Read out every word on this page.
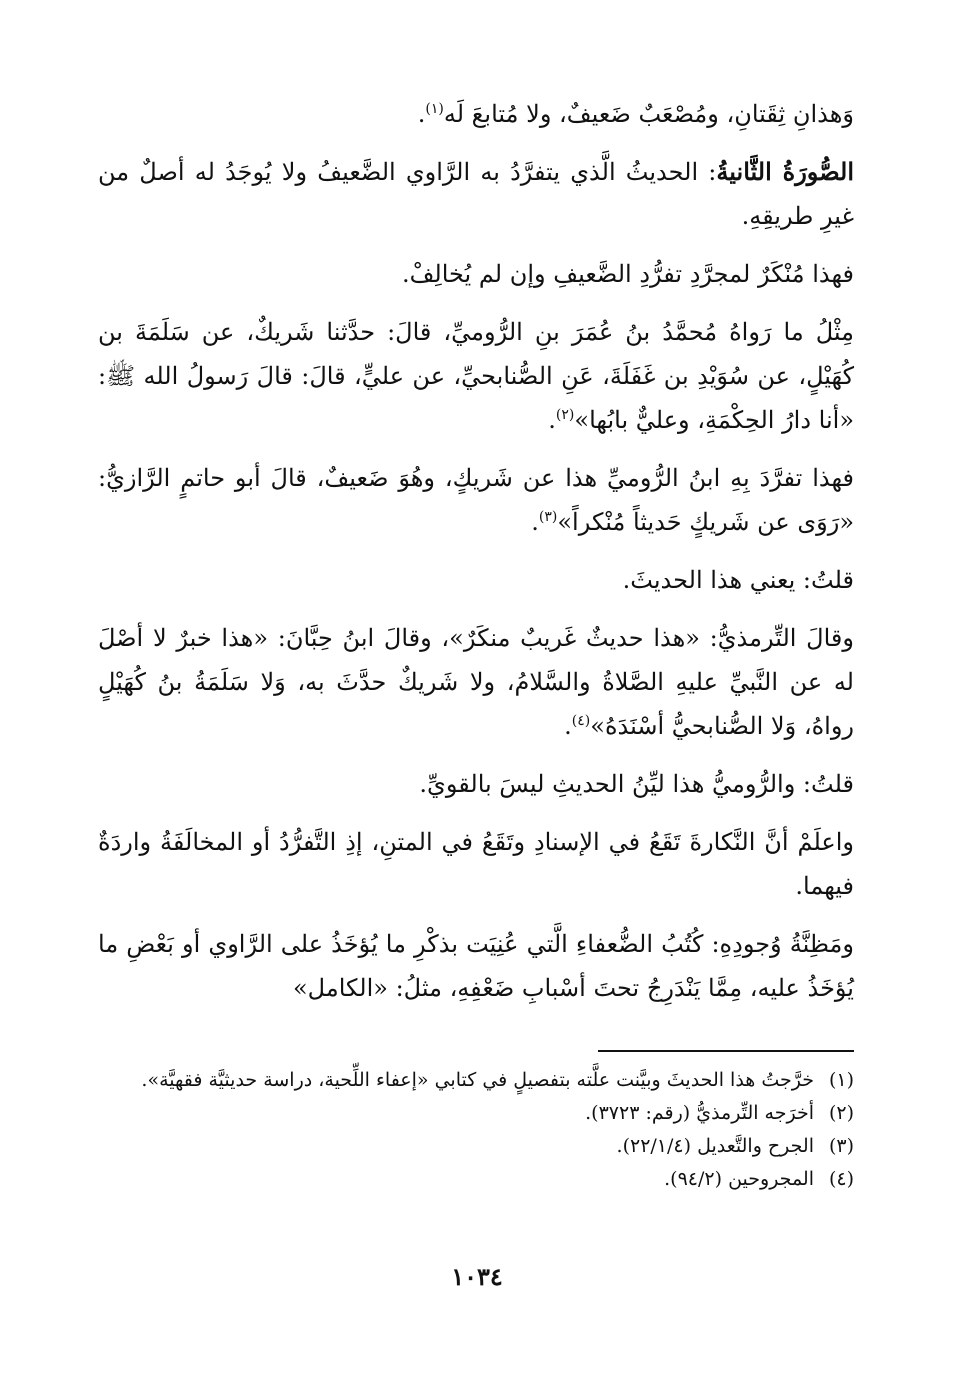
وَهذانِ ثِقَتانِ، ومُصْعَبٌ ضَعيفٌ، ولا مُتابعَ لَه$^{(١)}$.

الصُّورَةُ الثَّانيةُ: الحديثُ الَّذي يتفرَّدُ به الرَّاوي الضَّعيفُ ولا يُوجَدُ له أصلٌ من غيرِ طريقِهِ.

فهذا مُنْكَرٌ لمجرَّدِ تفرُّدِ الضَّعيفِ وإن لم يُخالِفْ.

مِثْلُ ما رَواهُ مُحمَّدُ بنُ عُمَرَ بنِ الرُّوميِّ، قالَ: حدَّثنا شَريكٌ، عن سَلَمَةَ بن كُهَيْلٍ، عن سُوَيْدِ بن غَفَلَةَ، عَنِ الصُّنابحيِّ، عن عليٍّ، قالَ: قالَ رَسولُ الله ﷺ: «أنا دارُ الحِكْمَةِ، وعليٌّ بابُها»$^{(٢)}$.

فهذا تفرَّدَ بِهِ ابنُ الرُّوميِّ هذا عن شَريكٍ، وهُوَ ضَعيفٌ، قالَ أبو حاتمٍ الرَّازيُّ: «رَوَى عن شَريكٍ حَديثاً مُنْكراً»$^{(٣)}$.

قلتُ: يعني هذا الحديثَ.

وقالَ التِّرمذيُّ: «هذا حديثٌ غَريبٌ منكَرٌ»، وقالَ ابنُ حِبَّانَ: «هذا خبرٌ لا أصْلَ له عن النَّبيِّ عليهِ الصَّلاةُ والسَّلامُ، ولا شَريكٌ حدَّثَ به، وَلا سَلَمَةُ بنُ كُهَيْلٍ رواهُ، وَلا الصُّنابحيُّ أسْنَدَهُ»$^{(٤)}$.

قلتُ: والرُّوميُّ هذا ليِّنُ الحديثِ ليسَ بالقويِّ.

واعلَمْ أنَّ النَّكارةَ تَقَعُ في الإسنادِ وتَقَعُ في المتنِ، إذِ التَّفرُّدُ أو المخالَفَةُ واردَةٌ فيهما.

ومَظِنَّةُ وُجودِهِ: كُتُبُ الضُّعفاءِ الَّتي عُنِيَت بذكْرِ ما يُؤخَذُ على الرَّاوي أو بَعْضِ ما يُؤخَذُ عليه، مِمَّا يَنْدَرِجُ تحتَ أسْبابِ ضَعْفِهِ، مثلُ: «الكامل»

(١)خرَّجتُ هذا الحديثَ وبيَّنت علَّته بتفصيلٍ في كتابي «إعفاء اللِّحية، دراسة حديثيَّة فقهيَّة».

(٢)أخرَجه التِّرمذيُّ (رقم: ٣٧٢٣).

(٣)الجرح والتَّعديل (٢٢/١/٤).

(٤)المجروحين (٩٤/٢).

١٠٣٤
